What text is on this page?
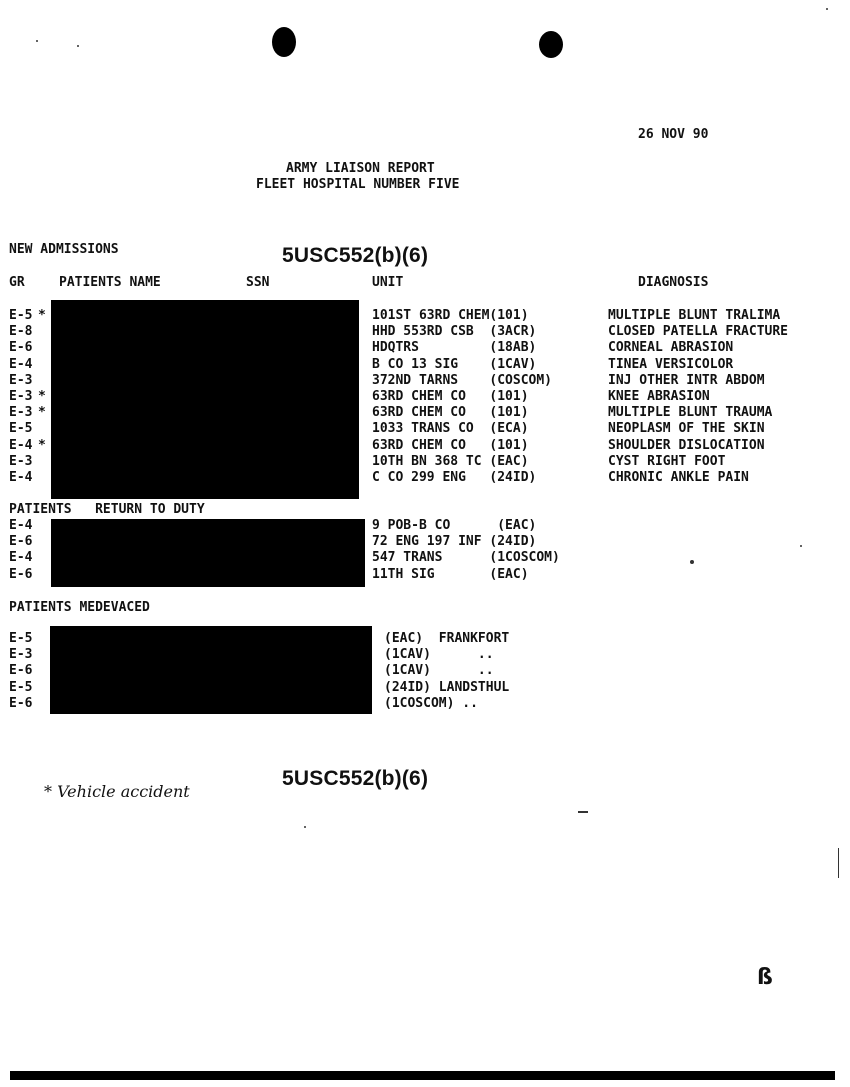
26 NOV 90
ARMY LIAISON REPORT
FLEET HOSPITAL NUMBER FIVE
NEW ADMISSIONS	5USC552(b)(6)
GR	PATIENTS NAME	SSN	UNIT	DIAGNOSIS
E-5 *	101ST 63RD CHEM(101)	MULTIPLE BLUNT TRALIMA
E-8	HHD 553RD CSB  (3ACR)	CLOSED PATELLA FRACTURE
E-6	HDQTRS         (18AB)	CORNEAL ABRASION
E-4	B CO 13 SIG    (1CAV)	TINEA VERSICOLOR
E-3	372ND TARNS    (COSCOM)	INJ OTHER INTR ABDOM
E-3 *	63RD CHEM CO   (101)	KNEE ABRASION
E-3 *	63RD CHEM CO   (101)	MULTIPLE BLUNT TRAUMA
E-5	1033 TRANS CO  (ECA)	NEOPLASM OF THE SKIN
E-4 *	63RD CHEM CO   (101)	SHOULDER DISLOCATION
E-3	10TH BN 368 TC (EAC)	CYST RIGHT FOOT
E-4	C CO 299 ENG   (24ID)	CHRONIC ANKLE PAIN
PATIENTS   RETURN TO DUTY
E-4	9 POB-B CO      (EAC)
E-6	72 ENG 197 INF (24ID)
E-4	547 TRANS      (1COSCOM)
E-6	11TH SIG       (EAC)
PATIENTS MEDEVACED
E-5	(EAC)  FRANKFORT
E-3	(1CAV)      ..
E-6	(1CAV)      ..
E-5	(24ID) LANDSTHUL
E-6	(1COSCOM) ..
* Vehicle accident
5USC552(b)(6)
ß
